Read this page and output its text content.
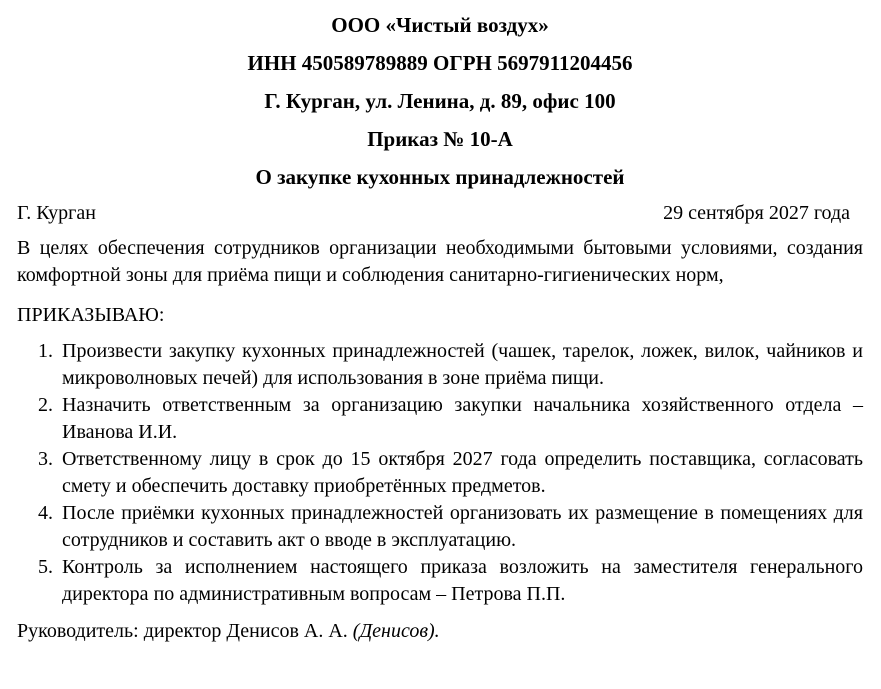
ООО «Чистый воздух»
ИНН 450589789889 ОГРН 5697911204456
Г. Курган, ул. Ленина, д. 89, офис 100
Приказ № 10-А
О закупке кухонных принадлежностей
Г. Курган	29 сентября 2027 года
В целях обеспечения сотрудников организации необходимыми бытовыми условиями, создания комфортной зоны для приёма пищи и соблюдения санитарно-гигиенических норм,
ПРИКАЗЫВАЮ:
1. Произвести закупку кухонных принадлежностей (чашек, тарелок, ложек, вилок, чайников и микроволновых печей) для использования в зоне приёма пищи.
2. Назначить ответственным за организацию закупки начальника хозяйственного отдела – Иванова И.И.
3. Ответственному лицу в срок до 15 октября 2027 года определить поставщика, согласовать смету и обеспечить доставку приобретённых предметов.
4. После приёмки кухонных принадлежностей организовать их размещение в помещениях для сотрудников и составить акт о вводе в эксплуатацию.
5. Контроль за исполнением настоящего приказа возложить на заместителя генерального директора по административным вопросам – Петрова П.П.
Руководитель: директор Денисов А. А. (Денисов).
